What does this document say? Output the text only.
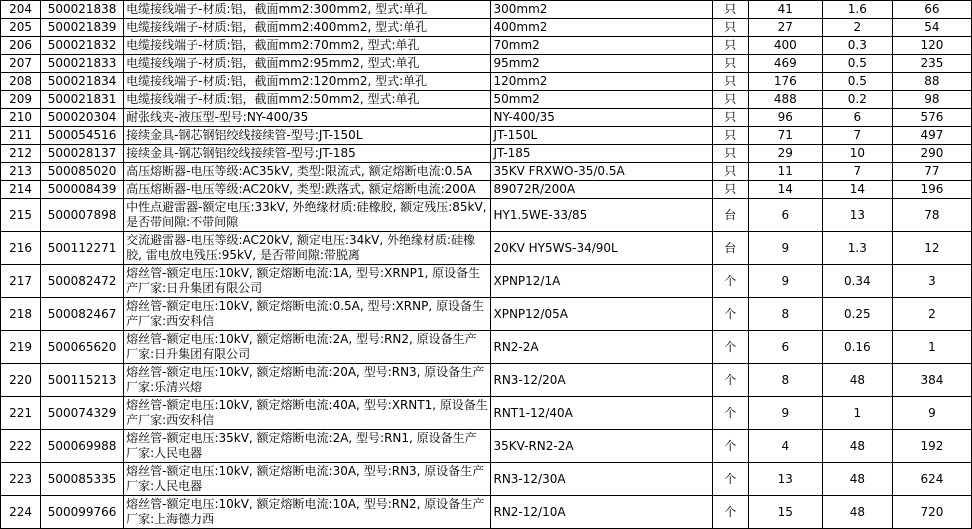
204	500021838	电缆接线端子-材质:铝，截面mm2:300mm2, 型式:单孔	300mm2	只	41	1.6	66
205	500021839	电缆接线端子-材质:铝，截面mm2:400mm2, 型式:单孔	400mm2	只	27	2	54
206	500021832	电缆接线端子-材质:铝，截面mm2:70mm2, 型式:单孔	70mm2	只	400	0.3	120
207	500021833	电缆接线端子-材质:铝，截面mm2:95mm2, 型式:单孔	95mm2	只	469	0.5	235
208	500021834	电缆接线端子-材质:铝，截面mm2:120mm2, 型式:单孔	120mm2	只	176	0.5	88
209	500021831	电缆接线端子-材质:铝，截面mm2:50mm2, 型式:单孔	50mm2	只	488	0.2	98
210	500020304	耐张线夹-液压型-型号:NY-400/35	NY-400/35	只	96	6	576
211	500054516	接续金具-钢芯钢铝绞线接续管-型号:JT-150L	JT-150L	只	71	7	497
212	500028137	接续金具-钢芯钢铝绞线接续管-型号:JT-185	JT-185	只	29	10	290
213	500085020	高压熔断器-电压等级:AC35kV, 类型:限流式, 额定熔断电流:0.5A	35KV FRXWO-35/0.5A	只	11	7	77
214	500008439	高压熔断器-电压等级:AC20kV, 类型:跌落式, 额定熔断电流:200A	89072R/200A	只	14	14	196
215	500007898	中性点避雷器-额定电压:33kV, 外绝缘材质:硅橡胶, 额定残压:85kV, 是否带间隙:不带间隙	HY1.5WE-33/85	台	6	13	78
216	500112271	交流避雷器-电压等级:AC20kV, 额定电压:34kV, 外绝缘材质:硅橡胶, 雷电放电残压:95kV, 是否带间隙:带脱离	20KV HY5WS-34/90L	台	9	1.3	12
217	500082472	熔丝管-额定电压:10kV, 额定熔断电流:1A, 型号:XRNP1, 原设备生产厂家:日升集团有限公司	XPNP12/1A	个	9	0.34	3
218	500082467	熔丝管-额定电压:10kV, 额定熔断电流:0.5A, 型号:XRNP, 原设备生产厂家:西安科信	XPNP12/05A	个	8	0.25	2
219	500065620	熔丝管-额定电压:10kV, 额定熔断电流:2A, 型号:RN2, 原设备生产厂家:日升集团有限公司	RN2-2A	个	6	0.16	1
220	500115213	熔丝管-额定电压:10kV, 额定熔断电流:20A, 型号:RN3, 原设备生产厂家:乐清兴熔	RN3-12/20A	个	8	48	384
221	500074329	熔丝管-额定电压:10kV, 额定熔断电流:40A, 型号:XRNT1, 原设备生产厂家:西安科信	RNT1-12/40A	个	9	1	9
222	500069988	熔丝管-额定电压:35kV, 额定熔断电流:2A, 型号:RN1, 原设备生产厂家:人民电器	35KV-RN2-2A	个	4	48	192
223	500085335	熔丝管-额定电压:10kV, 额定熔断电流:30A, 型号:RN3, 原设备生产厂家:人民电器	RN3-12/30A	个	13	48	624
224	500099766	熔丝管-额定电压:10kV, 额定熔断电流:10A, 型号:RN2, 原设备生产厂家:上海德力西	RN2-12/10A	个	15	48	720
